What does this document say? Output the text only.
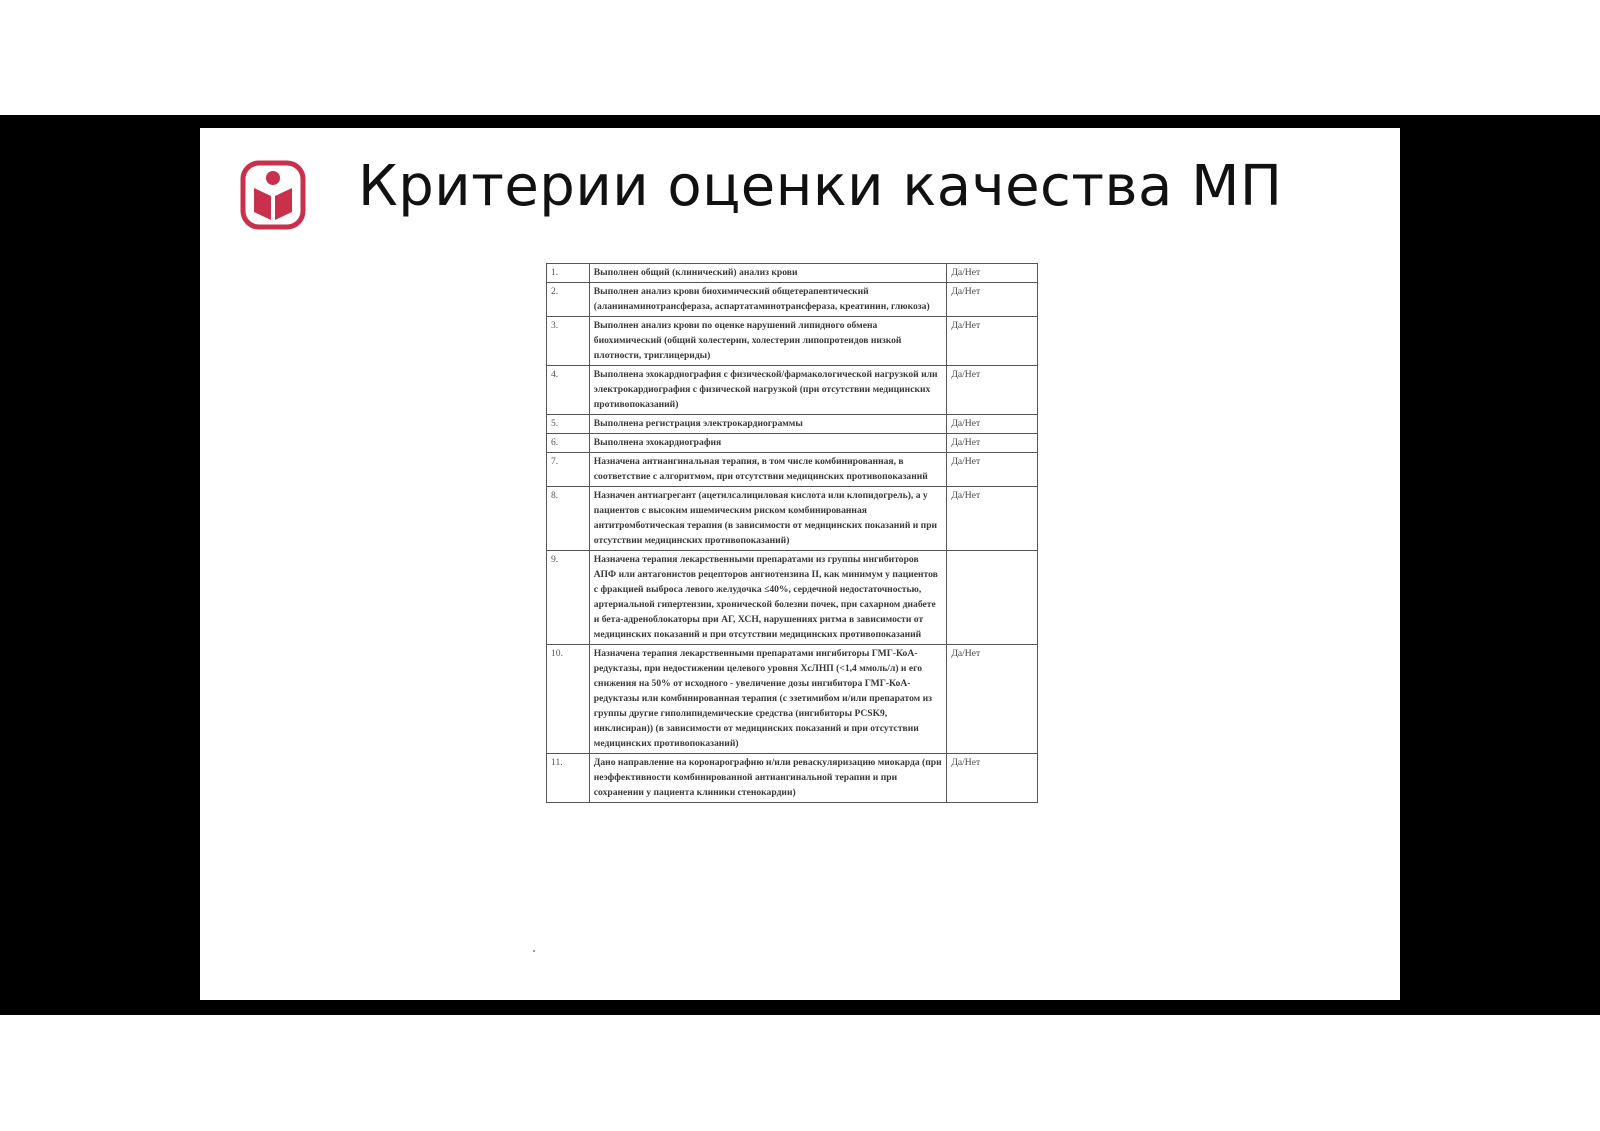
Критерии оценки качества МП
1.	Выполнен общий (клинический) анализ крови	Да/Нет
2.	Выполнен анализ крови биохимический общетерапевтический (аланинаминотрансфераза, аспартатаминотрансфераза, креатинин, глюкоза)	Да/Нет
3.	Выполнен анализ крови по оценке нарушений липидного обмена биохимический (общий холестерин, холестерин липопротеидов низкой плотности, триглицериды)	Да/Нет
4.	Выполнена эхокардиография с физической/фармакологической нагрузкой или электрокардиография с физической нагрузкой (при отсутствии медицинских противопоказаний)	Да/Нет
5.	Выполнена регистрация электрокардиограммы	Да/Нет
6.	Выполнена эхокардиография	Да/Нет
7.	Назначена антиангинальная терапия, в том числе комбинированная, в соответствие с алгоритмом, при отсутствии медицинских противопоказаний	Да/Нет
8.	Назначен антиагрегант (ацетилсалициловая кислота или клопидогрель), а у пациентов с высоким ишемическим риском комбинированная антитромботическая терапия (в зависимости от медицинских показаний и при отсутствии медицинских противопоказаний)	Да/Нет
9.	Назначена терапия лекарственными препаратами из группы ингибиторов АПФ или антагонистов рецепторов ангиотензина II, как минимум у пациентов с фракцией выброса левого желудочка ≤40%, сердечной недостаточностью, артериальной гипертензии, хронической болезни почек, при сахарном диабете и бета-адреноблокаторы при АГ, ХСН, нарушениях ритма в зависимости от медицинских показаний и при отсутствии медицинских противопоказаний	
10.	Назначена терапия лекарственными препаратами ингибиторы ГМГ-КоА-редуктазы, при недостижении целевого уровня ХсЛНП (<1,4 ммоль/л) и его снижения на 50% от исходного - увеличение дозы ингибитора ГМГ-КоА-редуктазы или комбинированная терапия (с эзетимибом и/или препаратом из группы другие гиполипидемические средства (ингибиторы PCSK9, инклисиран)) (в зависимости от медицинских показаний и при отсутствии медицинских противопоказаний)	Да/Нет
11.	Дано направление на коронарографию и/или реваскуляризацию миокарда (при неэффективности комбинированной антиангинальной терапии и при сохранении у пациента клиники стенокардии)	Да/Нет
